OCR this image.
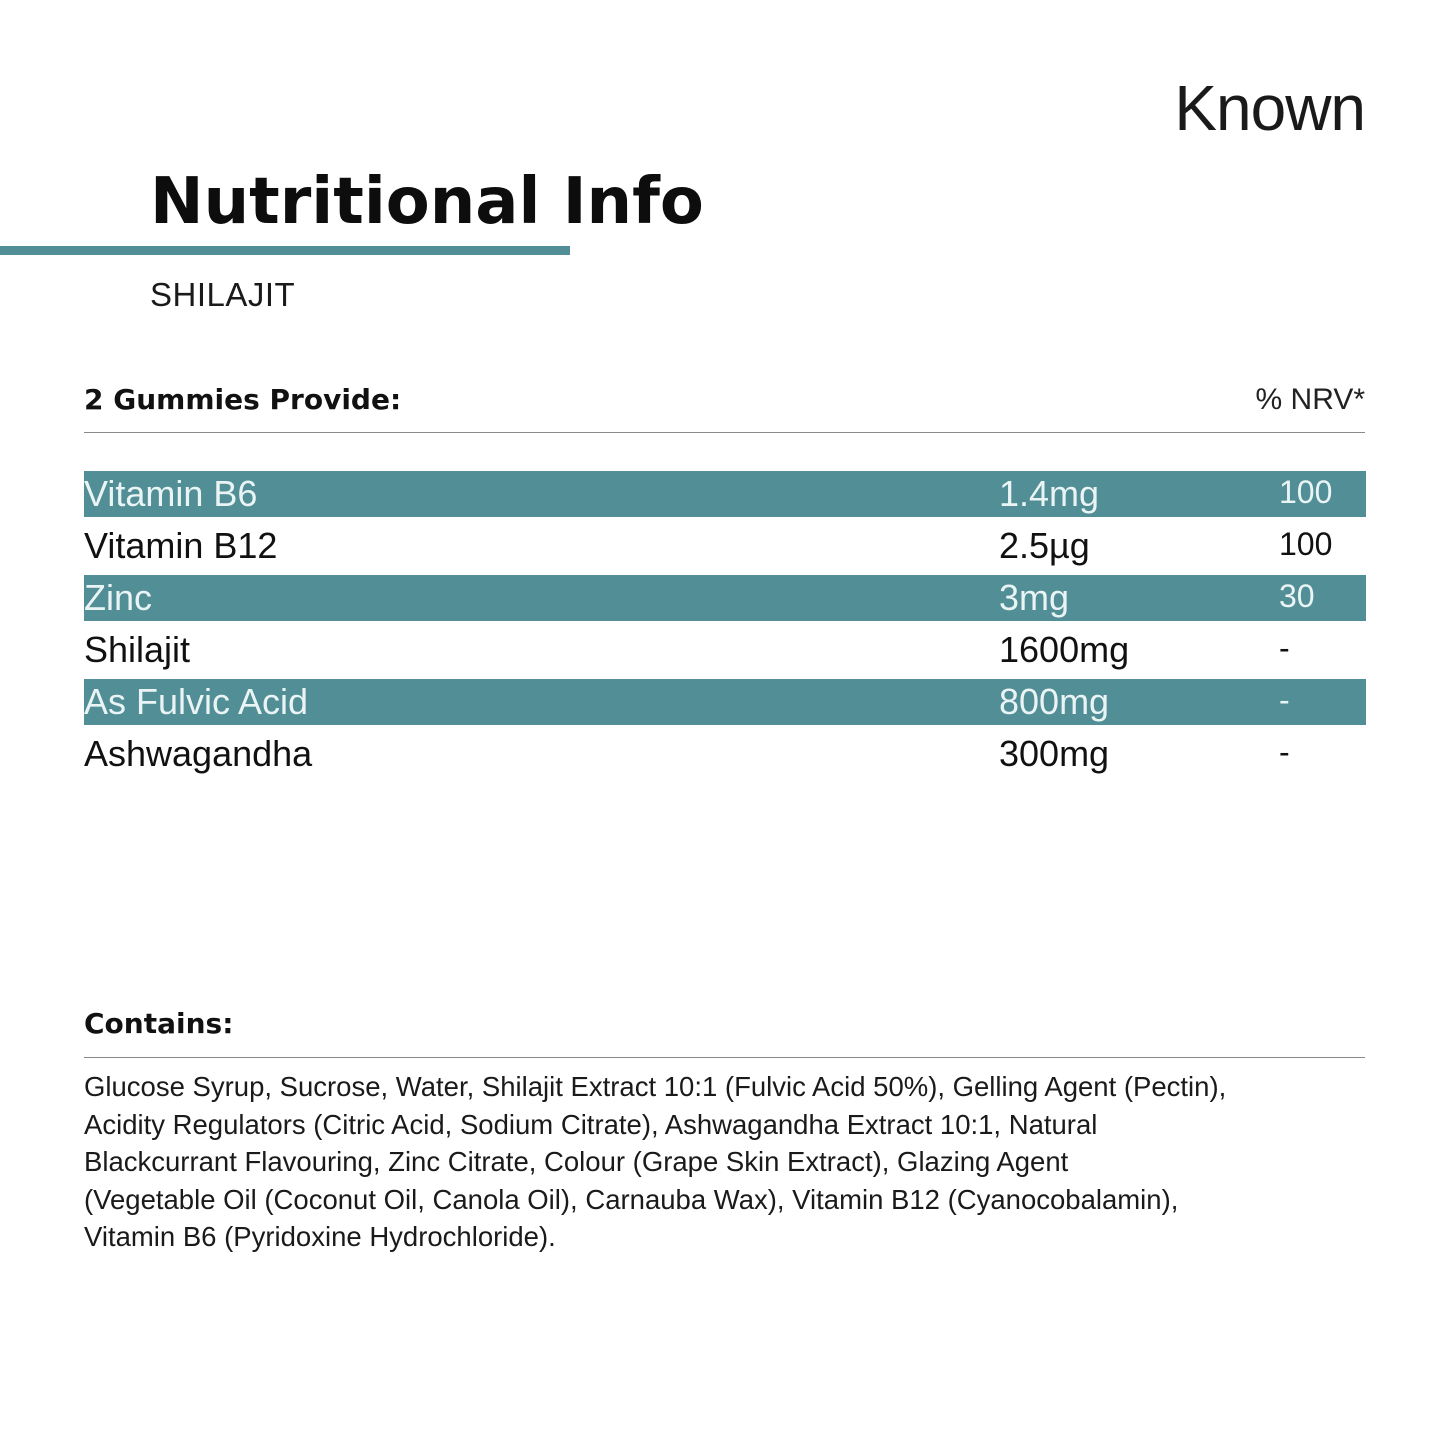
Known
Nutritional Info
SHILAJIT
2 Gummies Provide:	% NRV*
Vitamin B6	1.4mg	100
Vitamin B12	2.5µg	100
Zinc	3mg	30
Shilajit	1600mg	-
As Fulvic Acid	800mg	-
Ashwagandha	300mg	-
Contains:
Glucose Syrup, Sucrose, Water, Shilajit Extract 10:1 (Fulvic Acid 50%), Gelling Agent (Pectin),
Acidity Regulators (Citric Acid, Sodium Citrate), Ashwagandha Extract 10:1, Natural
Blackcurrant Flavouring, Zinc Citrate, Colour (Grape Skin Extract), Glazing Agent
(Vegetable Oil (Coconut Oil, Canola Oil), Carnauba Wax), Vitamin B12 (Cyanocobalamin),
Vitamin B6 (Pyridoxine Hydrochloride).
